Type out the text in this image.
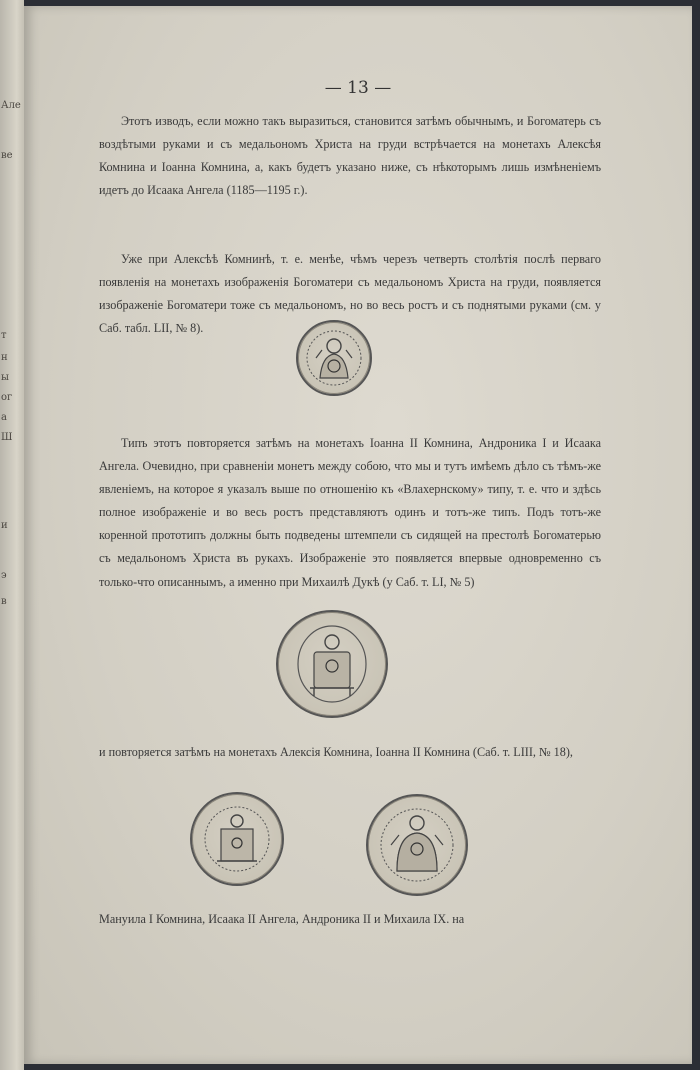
Але
ве
т
н
ы
ог
а
Ш
и
э
в
— 13 —

Этотъ изводъ, если можно такъ выразиться, становится затѣмъ обычнымъ, и Богоматерь съ воздѣтыми руками и съ медальономъ Христа на груди встрѣчается на монетахъ Алексѣя Комнина и Іоанна Комнина, а, какъ будетъ указано ниже, съ нѣкоторымъ лишь измѣненіемъ идетъ до Исаака Ангела (1185—1195 г.).

Уже при Алексѣѣ Комнинѣ, т. е. менѣе, чѣмъ черезъ четверть столѣтія послѣ перваго появленія на монетахъ изображенія Богоматери съ медальономъ Христа на груди, появляется изображеніе Богоматери тоже съ медальономъ, но во весь ростъ и съ поднятыми руками (см. у Саб. табл. LII, № 8).

и повторяется затѣмъ на монетахъ Алексія Комнина, Іоанна II Комнина (Саб. т. LIII, № 18),

Мануила I Комнина, Исаака II Ангела, Андроника II и Михаила IX. на

Типъ этотъ повторяется затѣмъ на монетахъ Іоанна II Комнина, Андроника I и Исаака Ангела. Очевидно, при сравненіи монетъ между собою, что мы и тутъ имѣемъ дѣло съ тѣмъ-же явленіемъ, на которое я указалъ выше по отношенію къ «Влахернскому» типу, т. е. что и здѣсь полное изображеніе и во весь ростъ представляютъ одинъ и тотъ-же типъ. Подъ тотъ-же коренной прототипъ должны быть подведены штемпели съ сидящей на престолѣ Богоматерью съ медальономъ Христа въ рукахъ. Изображеніе это появляется впервые одновременно съ только-что описаннымъ, а именно при Михаилѣ Дукѣ (у Саб. т. LI, № 5)
